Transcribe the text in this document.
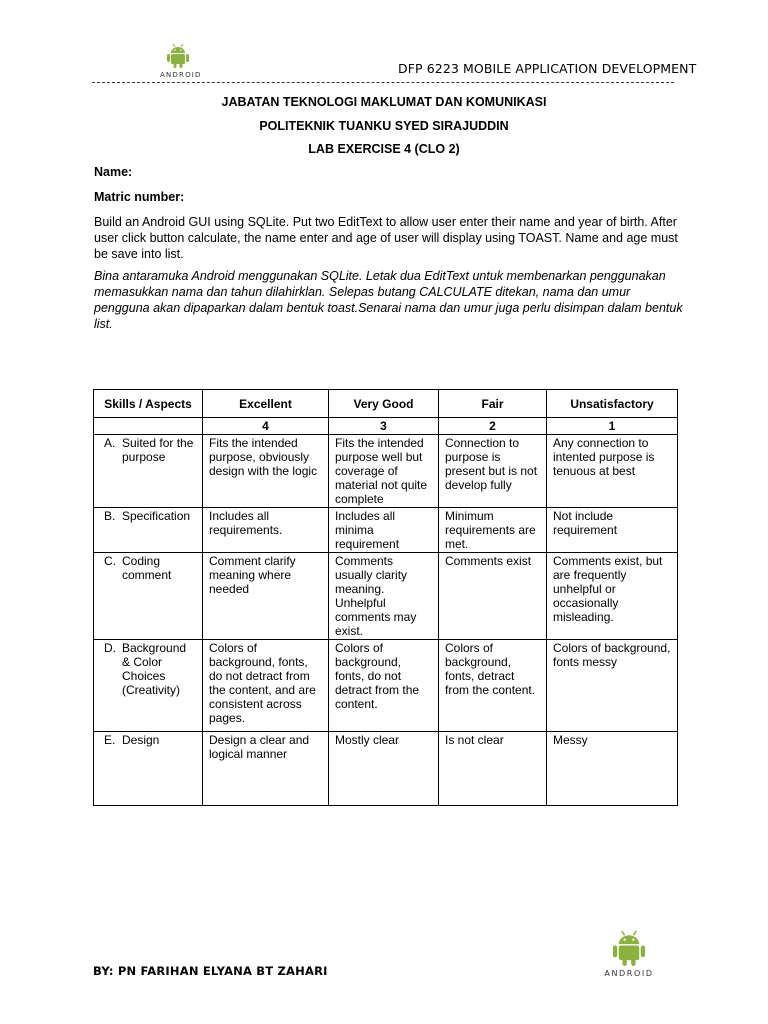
ANDROID	DFP 6223 MOBILE APPLICATION DEVELOPMENT
JABATAN TEKNOLOGI MAKLUMAT DAN KOMUNIKASI
POLITEKNIK TUANKU SYED SIRAJUDDIN
LAB EXERCISE 4 (CLO 2)
Name:
Matric number:
Build an Android GUI using SQLite. Put two EditText to allow user enter their name and year of birth. After user click button calculate, the name enter and age of user will display using TOAST. Name and age must be save into list.
Bina antaramuka Android menggunakan SQLite. Letak dua EditText untuk membenarkan penggunakan memasukkan nama dan tahun dilahirklan. Selepas butang CALCULATE ditekan, nama dan umur pengguna akan dipaparkan dalam bentuk toast.Senarai nama dan umur juga perlu disimpan dalam bentuk list.
Skills / Aspects	Excellent	Very Good	Fair	Unsatisfactory
	4	3	2	1

A. Suited for the purpose	Fits the intended purpose, obviously design with the logic	Fits the intended purpose well but coverage of material not quite complete	Connection to purpose is present but is not develop fully	Any connection to intented purpose is tenuous at best

B. Specification	Includes all requirements.	Includes all minima requirement	Minimum requirements are met.	Not include requirement

C. Coding comment	Comment clarify meaning where needed	Comments usually clarity meaning. Unhelpful comments may exist.	Comments exist	Comments exist, but are frequently unhelpful or occasionally misleading.

D. Background & Color Choices (Creativity)	Colors of background, fonts, do not detract from the content, and are consistent across pages.	Colors of background, fonts, do not detract from the content.	Colors of background, fonts, detract from the content.	Colors of background, fonts messy

E. Design	Design a clear and logical manner	Mostly clear	Is not clear	Messy
BY: PN FARIHAN ELYANA BT ZAHARI	ANDROID
